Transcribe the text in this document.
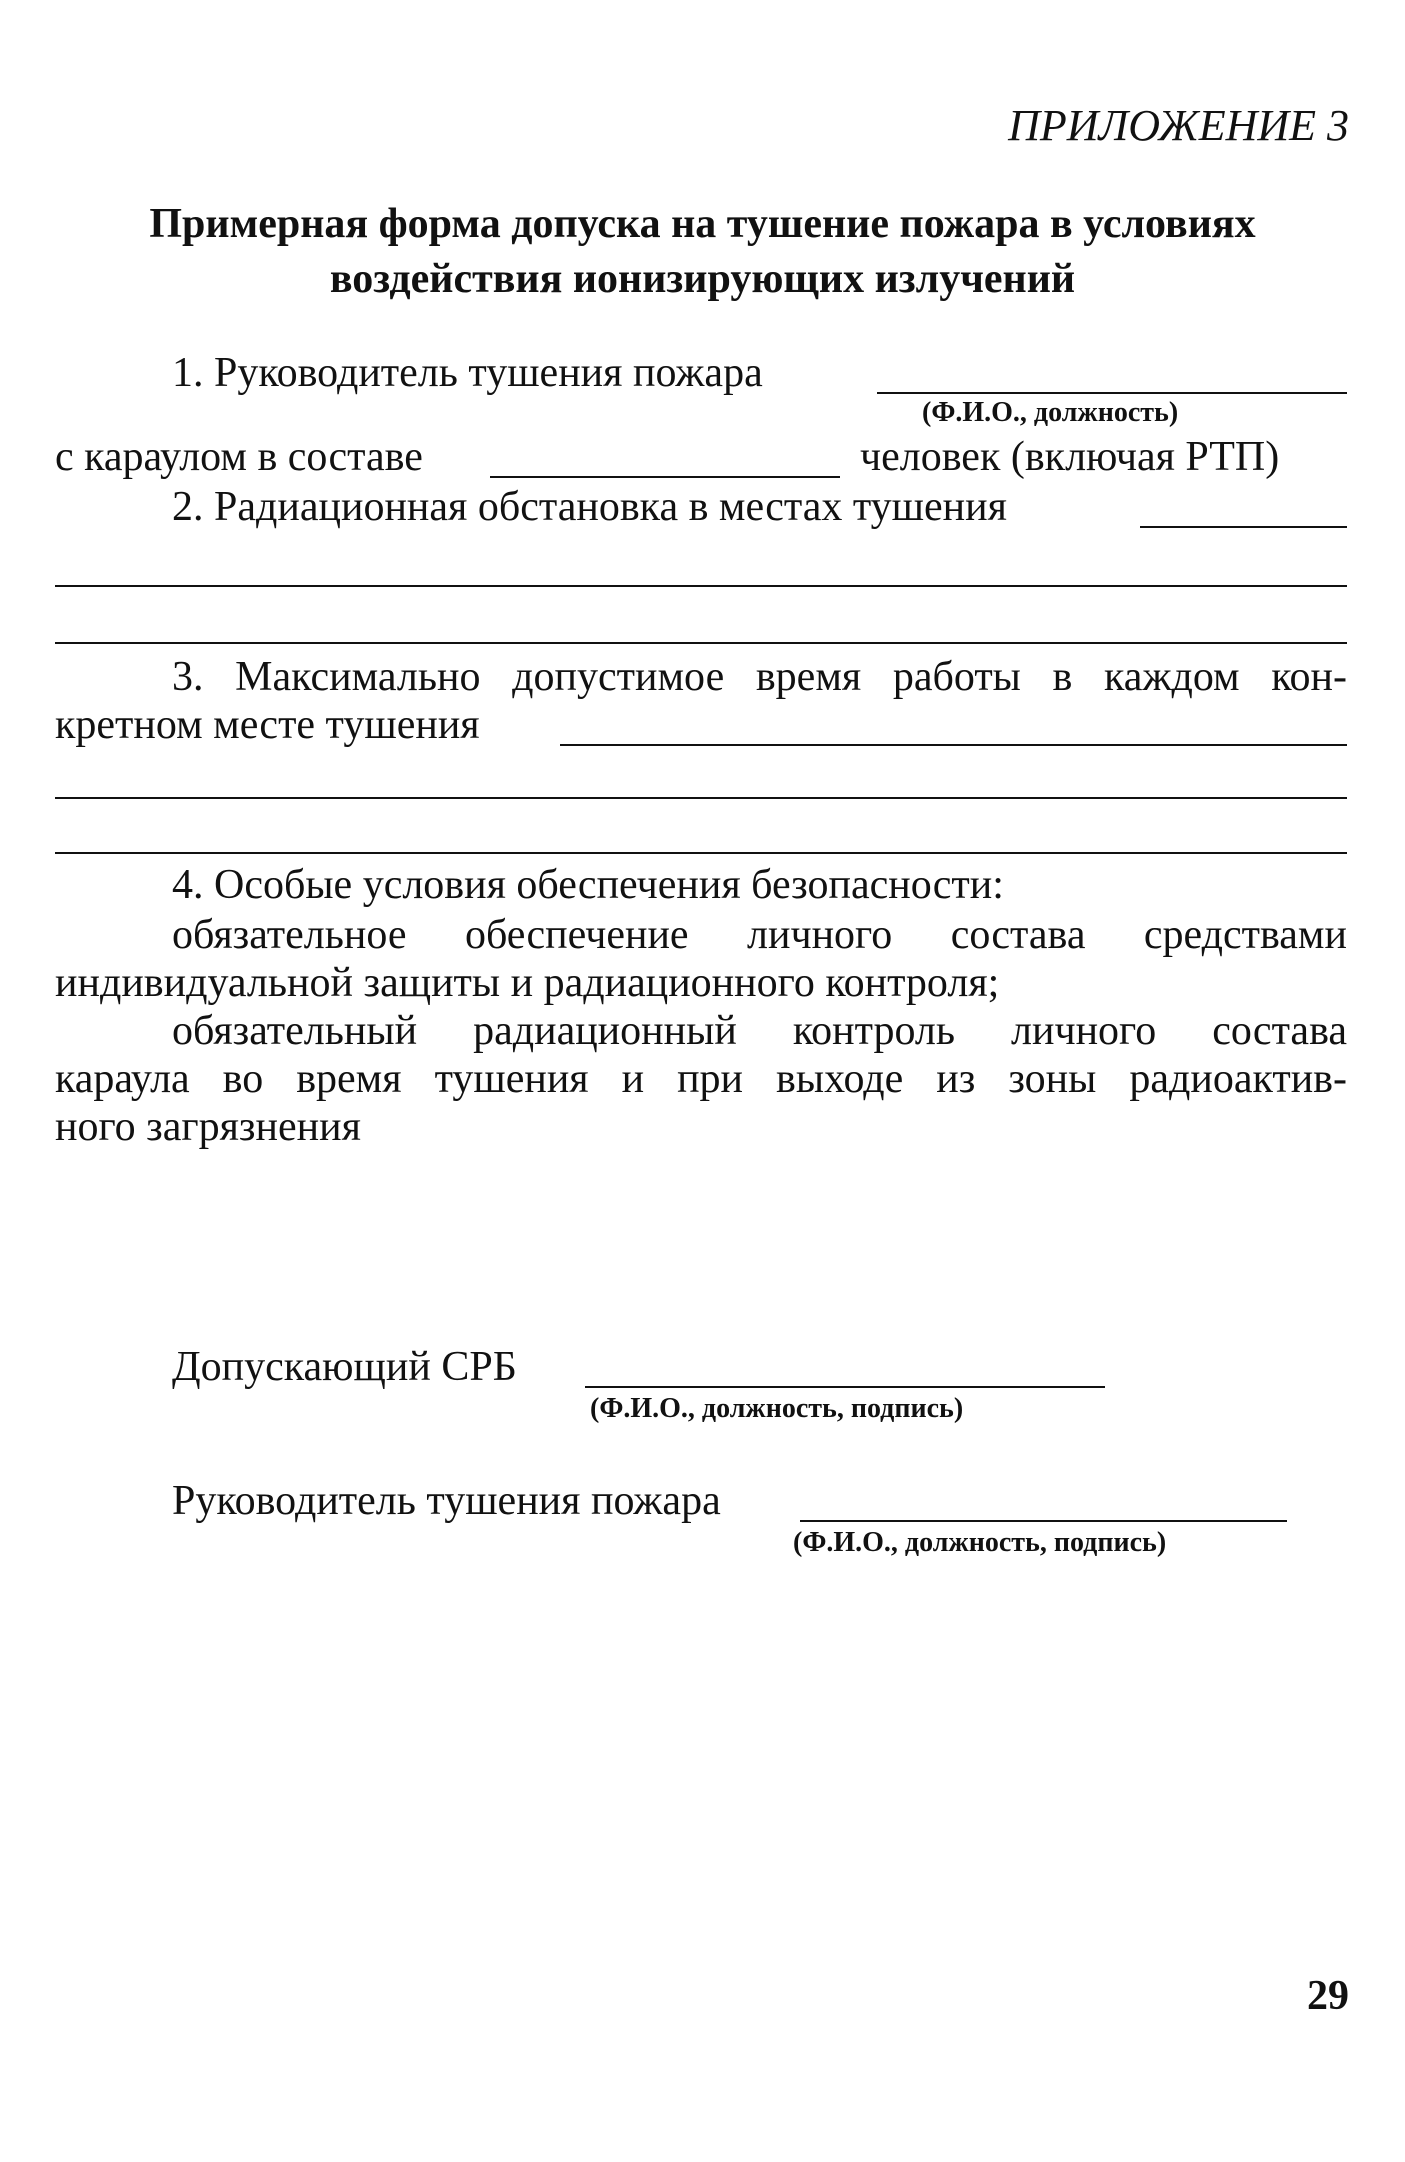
ПРИЛОЖЕНИЕ 3
Примерная форма допуска на тушение пожара в условиях
воздействия ионизирующих излучений
1. Руководитель тушения пожара
(Ф.И.О., должность)
с караулом в составе	человек (включая РТП)
2. Радиационная обстановка в местах тушения
3. Максимально допустимое время работы в каждом кон-
кретном месте тушения
4. Особые условия обеспечения безопасности:
обязательное обеспечение личного состава средствами
индивидуальной защиты и радиационного контроля;
обязательный радиационный контроль личного состава
караула во время тушения и при выходе из зоны радиоактив-
ного загрязнения
Допускающий СРБ
(Ф.И.О., должность, подпись)
Руководитель тушения пожара
(Ф.И.О., должность, подпись)
29
